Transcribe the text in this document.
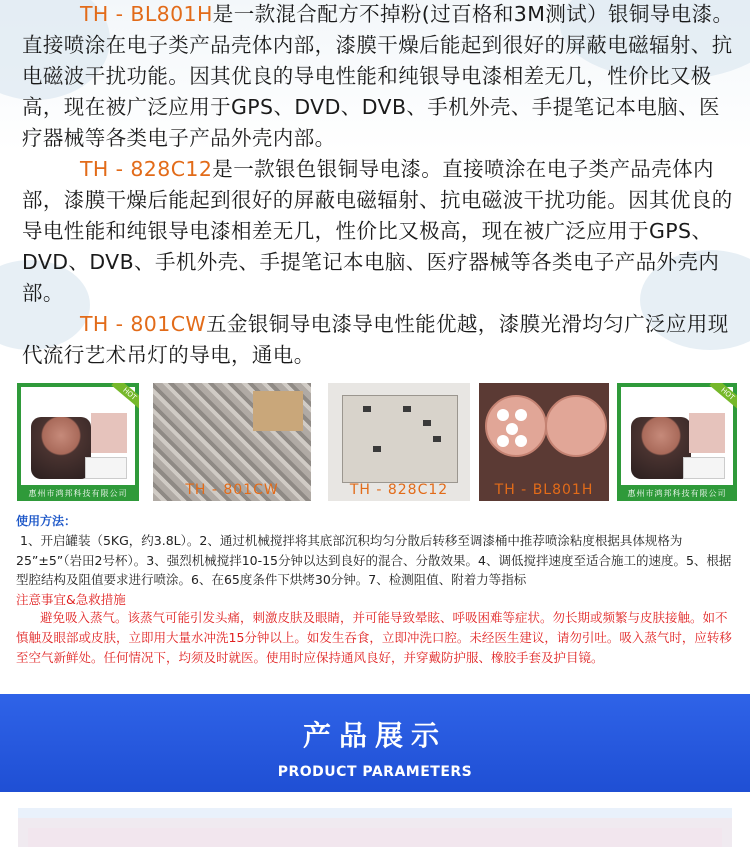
TH - BL801H是一款混合配方不掉粉(过百格和3M测试）银铜导电漆。直接喷涂在电子类产品壳体内部，漆膜干燥后能起到很好的屏蔽电磁辐射、抗电磁波干扰功能。因其优良的导电性能和纯银导电漆相差无几，性价比又极高，现在被广泛应用于GPS、DVD、DVB、手机外壳、手提笔记本电脑、医疗器械等各类电子产品外壳内部。

TH - 828C12是一款银色银铜导电漆。直接喷涂在电子类产品壳体内部，漆膜干燥后能起到很好的屏蔽电磁辐射、抗电磁波干扰功能。因其优良的导电性能和纯银导电漆相差无几，性价比又极高，现在被广泛应用于GPS、DVD、DVB、手机外壳、手提笔记本电脑、医疗器械等各类电子产品外壳内部。

TH - 801CW五金银铜导电漆导电性能优越，漆膜光滑均匀广泛应用现代流行艺术吊灯的导电，通电。

HOT
惠州市鸿邦科技有限公司	TH - 801CW	TH - 828C12	TH - BL801H
HOT
惠州市鸿邦科技有限公司

使用方法：

1、开启罐装（5KG，约3.8L）。2、通过机械搅拌将其底部沉积均匀分散后转移至调漆桶中推荐喷涂粘度根据具体规格为25”±5”（岩田2号杯）。3、强烈机械搅拌10-15分钟以达到良好的混合、分散效果。4、调低搅拌速度至适合施工的速度。5、根据型腔结构及阻值要求进行喷涂。6、在65度条件下烘烤30分钟。7、检测阻值、附着力等指标

注意事宜&急救措施

避免吸入蒸气。该蒸气可能引发头痛，刺激皮肤及眼睛，并可能导致晕眩、呼吸困难等症状。勿长期或频繁与皮肤接触。如不慎触及眼部或皮肤，立即用大量水冲洗15分钟以上。如发生吞食，立即冲洗口腔。未经医生建议，请勿引吐。吸入蒸气时，应转移至空气新鲜处。任何情况下，均须及时就医。使用时应保持通风良好，并穿戴防护服、橡胶手套及护目镜。

产品展示
PRODUCT PARAMETERS
